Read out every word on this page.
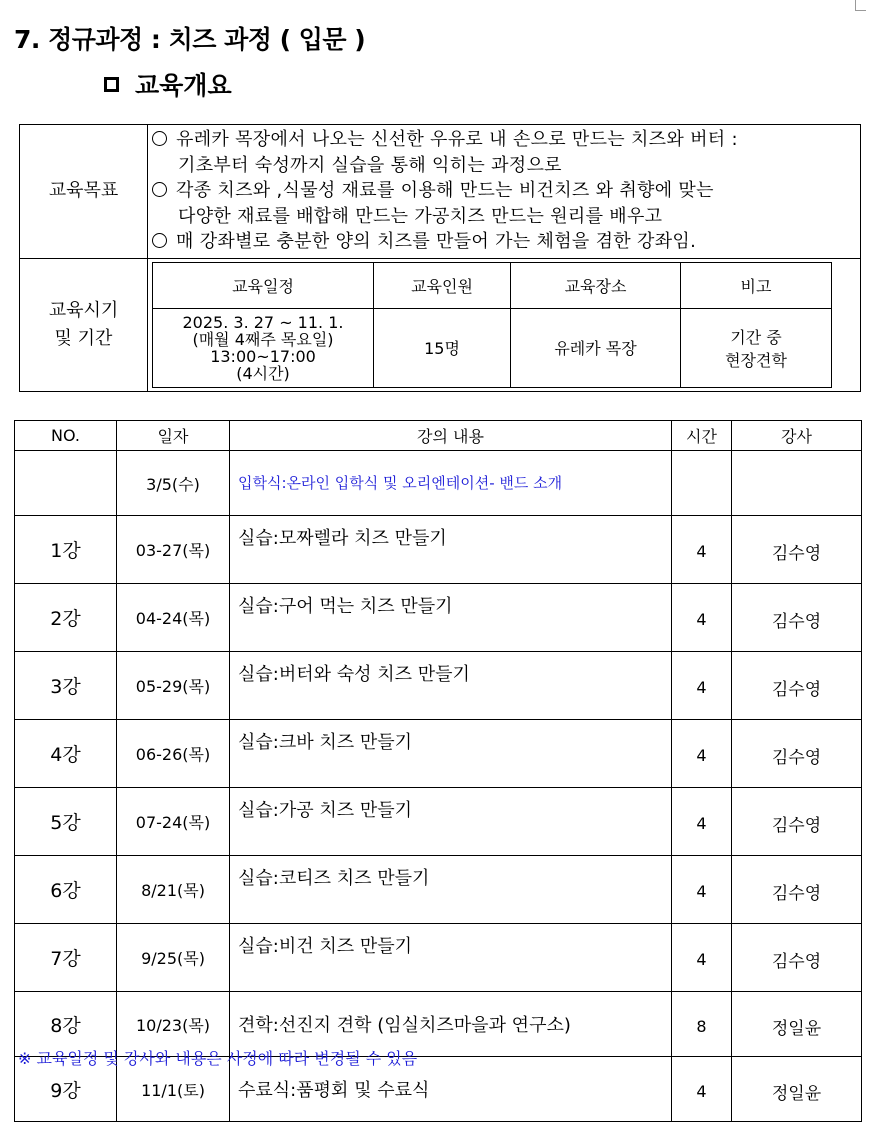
7. 정규과정 : 치즈 과정 ( 입문 )
교육개요
교육목표	
유레카 목장에서 나오는 신선한 우유로 내 손으로 만드는 치즈와 버터 :
기초부터 숙성까지 실습을 통해 익히는 과정으로
각종 치즈와 ,식물성 재료를 이용해 만드는 비건치즈 와 취향에 맞는
다양한 재료를 배합해 만드는 가공치즈 만드는 원리를 배우고
매 강좌별로 충분한 양의 치즈를 만들어 가는 체험을 겸한 강좌임.

교육시기
및 기간

교육일정	교육인원	교육장소	비고

2025. 3. 27 ~ 11. 1.
(매월 4째주 목요일)
13:00~17:00
(4시간)
	15명	유레카 목장	
기간 중
현장견학
NO.	일자	강의 내용	시간	강사
	3/5(수)	입학식:온라인 입학식 및 오리엔테이션- 밴드 소개		
1강	03-27(목)	실습:모짜렐라 치즈 만들기	4	김수영
2강	04-24(목)	실습:구어 먹는 치즈 만들기	4	김수영
3강	05-29(목)	실습:버터와 숙성 치즈 만들기	4	김수영
4강	06-26(목)	실습:크바 치즈 만들기	4	김수영
5강	07-24(목)	실습:가공 치즈 만들기	4	김수영
6강	8/21(목)	실습:코티즈 치즈 만들기	4	김수영
7강	9/25(목)	실습:비건 치즈 만들기	4	김수영
8강	10/23(목)	견학:선진지 견학 (임실치즈마을과 연구소)	8	정일윤
9강	11/1(토)	수료식:품평회 및 수료식	4	정일윤
※ 교육일정 및 강사와 내용은 사정에 따라 변경될 수 있음
